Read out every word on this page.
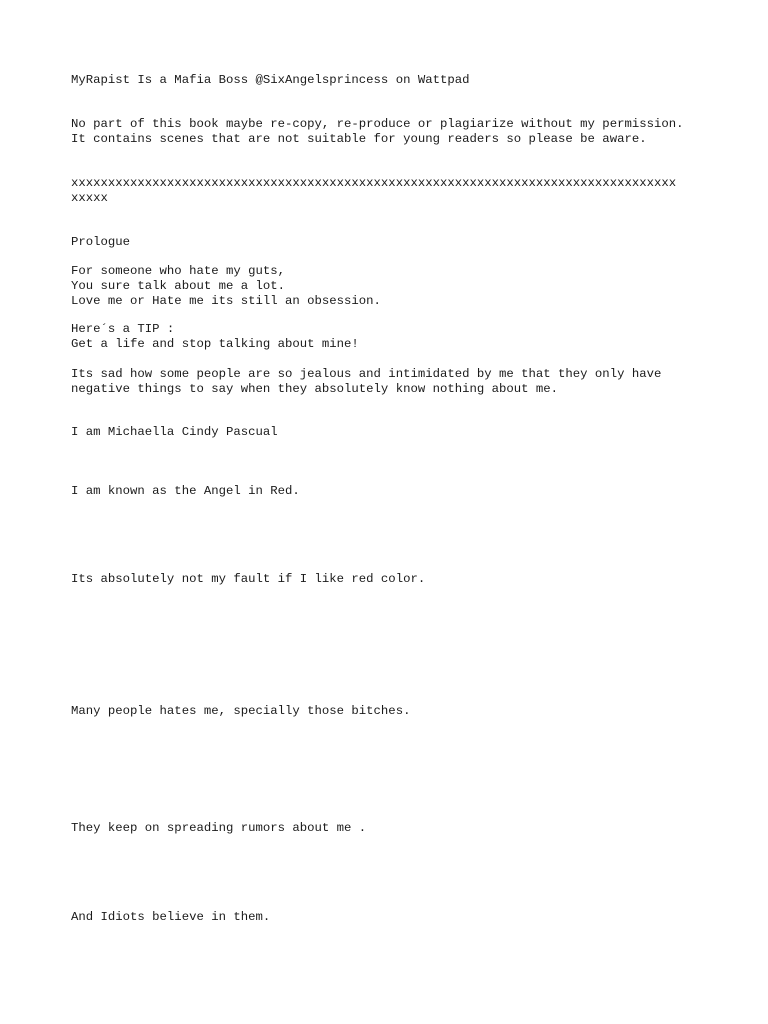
MyRapist Is a Mafia Boss @SixAngelsprincess on Wattpad
No part of this book maybe re-copy, re-produce or plagiarize without my permission.
It contains scenes that are not suitable for young readers so please be aware.
xxxxxxxxxxxxxxxxxxxxxxxxxxxxxxxxxxxxxxxxxxxxxxxxxxxxxxxxxxxxxxxxxxxxxxxxxxxxxxxxxx
xxxxx
Prologue
For someone who hate my guts,
You sure talk about me a lot.
Love me or Hate me its still an obsession.
Here´s a TIP :
Get a life and stop talking about mine!
Its sad how some people are so jealous and intimidated by me that they only have
negative things to say when they absolutely know nothing about me.
I am Michaella Cindy Pascual
I am known as the Angel in Red.
Its absolutely not my fault if I like red color.
Many people hates me, specially those bitches.
They keep on spreading rumors about me .
And Idiots believe in them.
